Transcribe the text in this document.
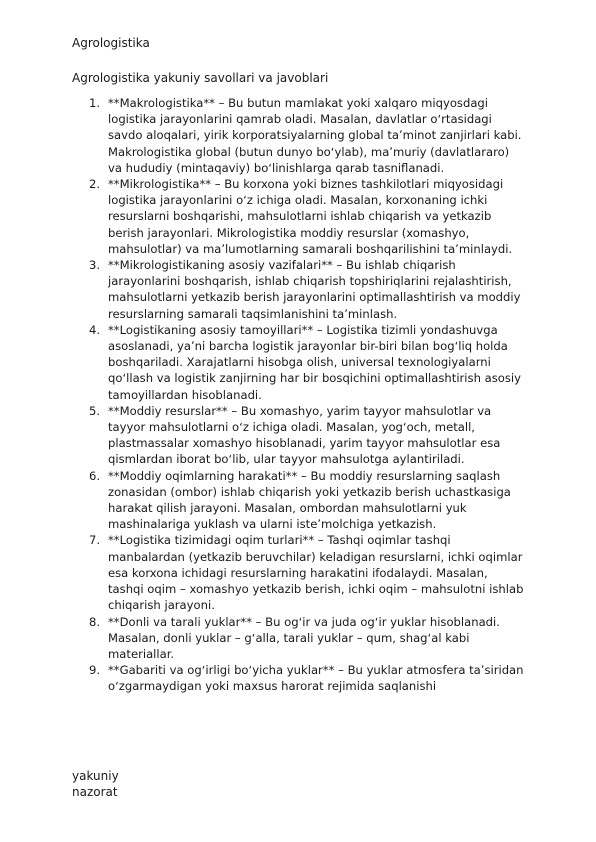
Agrologistika
Agrologistika yakuniy savollari va javoblari
1. **Makrologistika** – Bu butun mamlakat yoki xalqaro miqyosdagi logistika jarayonlarini qamrab oladi. Masalan, davlatlar oʻrtasidagi savdo aloqalari, yirik korporatsiyalarning global taʼminot zanjirlari kabi. Makrologistika global (butun dunyo boʻylab), maʼmuriy (davlatlararo) va hududiy (mintaqaviy) boʻlinishlarga qarab tasniflanadi.
2. **Mikrologistika** – Bu korxona yoki biznes tashkilotlari miqyosidagi logistika jarayonlarini oʻz ichiga oladi. Masalan, korxonaning ichki resurslarni boshqarishi, mahsulotlarni ishlab chiqarish va yetkazib berish jarayonlari. Mikrologistika moddiy resurslar (xomashyo, mahsulotlar) va maʼlumotlarning samarali boshqarilishini taʼminlaydi.
3. **Mikrologistikaning asosiy vazifalari** – Bu ishlab chiqarish jarayonlarini boshqarish, ishlab chiqarish topshiriqlarini rejalashtirish, mahsulotlarni yetkazib berish jarayonlarini optimallashtirish va moddiy resurslarning samarali taqsimlanishini taʼminlash.
4. **Logistikaning asosiy tamoyillari** – Logistika tizimli yondashuvga asoslanadi, yaʼni barcha logistik jarayonlar bir-biri bilan bogʻliq holda boshqariladi. Xarajatlarni hisobga olish, universal texnologiyalarni qoʻllash va logistik zanjirning har bir bosqichini optimallashtirish asosiy tamoyillardan hisoblanadi.
5. **Moddiy resurslar** – Bu xomashyo, yarim tayyor mahsulotlar va tayyor mahsulotlarni oʻz ichiga oladi. Masalan, yogʻoch, metall, plastmassalar xomashyo hisoblanadi, yarim tayyor mahsulotlar esa qismlardan iborat boʻlib, ular tayyor mahsulotga aylantiriladi.
6. **Moddiy oqimlarning harakati** – Bu moddiy resurslarning saqlash zonasidan (ombor) ishlab chiqarish yoki yetkazib berish uchastkasiga harakat qilish jarayoni. Masalan, ombordan mahsulotlarni yuk mashinalariga yuklash va ularni isteʼmolchiga yetkazish.
7. **Logistika tizimidagi oqim turlari** – Tashqi oqimlar tashqi manbalardan (yetkazib beruvchilar) keladigan resurslarni, ichki oqimlar esa korxona ichidagi resurslarning harakatini ifodalaydi. Masalan, tashqi oqim – xomashyo yetkazib berish, ichki oqim – mahsulotni ishlab chiqarish jarayoni.
8. **Donli va tarali yuklar** – Bu ogʻir va juda ogʻir yuklar hisoblanadi. Masalan, donli yuklar – gʻalla, tarali yuklar – qum, shagʻal kabi materiallar.
9. **Gabariti va ogʻirligi boʻyicha yuklar** – Bu yuklar atmosfera taʼsiridan oʻzgarmaydigan yoki maxsus harorat rejimida saqlanishi
yakuniy nazorat
